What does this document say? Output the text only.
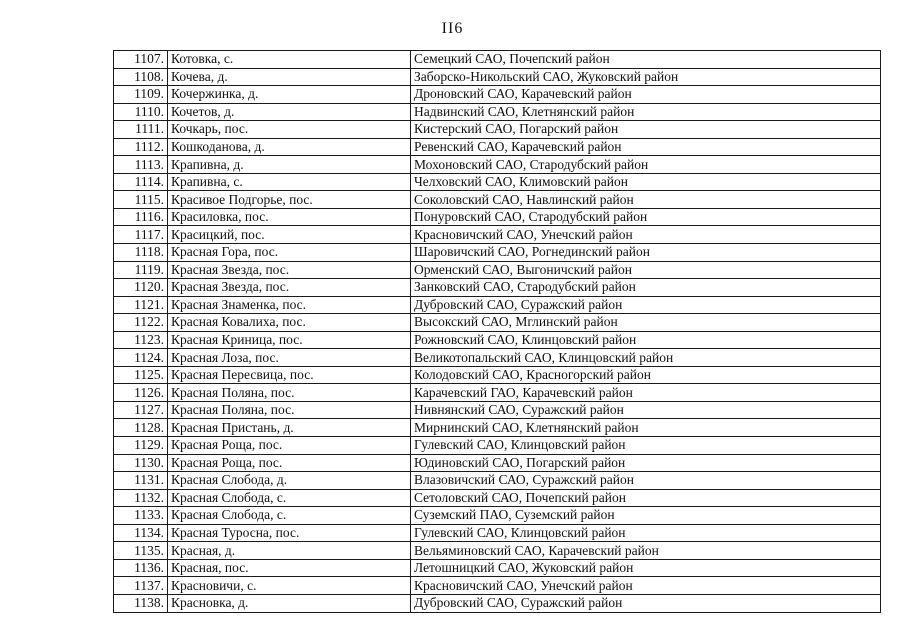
II6
1107.	Котовка, с.	Семецкий САО, Почепский район
1108.	Кочева, д.	Заборско-Никольский САО, Жуковский район
1109.	Кочержинка, д.	Дроновский САО, Карачевский район
1110.	Кочетов, д.	Надвинский САО, Клетнянский район
1111.	Кочкарь, пос.	Кистерский САО, Погарский район
1112.	Кошкоданова, д.	Ревенский САО, Карачевский район
1113.	Крапивна, д.	Мохоновский САО, Стародубский район
1114.	Крапивна, с.	Челховский САО, Климовский район
1115.	Красивое Подгорье, пос.	Соколовский САО, Навлинский район
1116.	Красиловка, пос.	Понуровский САО, Стародубский район
1117.	Красицкий, пос.	Красновичский САО, Унечский район
1118.	Красная Гора, пос.	Шаровичский САО, Рогнединский район
1119.	Красная Звезда, пос.	Орменский САО, Выгоничский район
1120.	Красная Звезда, пос.	Занковский САО, Стародубский район
1121.	Красная Знаменка, пос.	Дубровский САО, Суражский район
1122.	Красная Ковалиха, пос.	Высокский САО, Мглинский район
1123.	Красная Криница, пос.	Рожновский САО, Клинцовский район
1124.	Красная Лоза, пос.	Великотопальский САО, Клинцовский район
1125.	Красная Пересвица, пос.	Колодовский САО, Красногорский район
1126.	Красная Поляна, пос.	Карачевский ГАО, Карачевский район
1127.	Красная Поляна, пос.	Нивнянский САО, Суражский район
1128.	Красная Пристань, д.	Мирнинский САО, Клетнянский район
1129.	Красная Роща, пос.	Гулевский САО, Клинцовский район
1130.	Красная Роща, пос.	Юдиновский САО, Погарский район
1131.	Красная Слобода, д.	Влазовичский САО, Суражский район
1132.	Красная Слобода, с.	Сетоловский САО, Почепский район
1133.	Красная Слобода, с.	Суземский ПАО, Суземский район
1134.	Красная Туросна, пос.	Гулевский САО, Клинцовский район
1135.	Красная, д.	Вельяминовский САО, Карачевский район
1136.	Красная, пос.	Летошницкий САО, Жуковский район
1137.	Красновичи, с.	Красновичский САО, Унечский район
1138.	Красновка, д.	Дубровский САО, Суражский район
